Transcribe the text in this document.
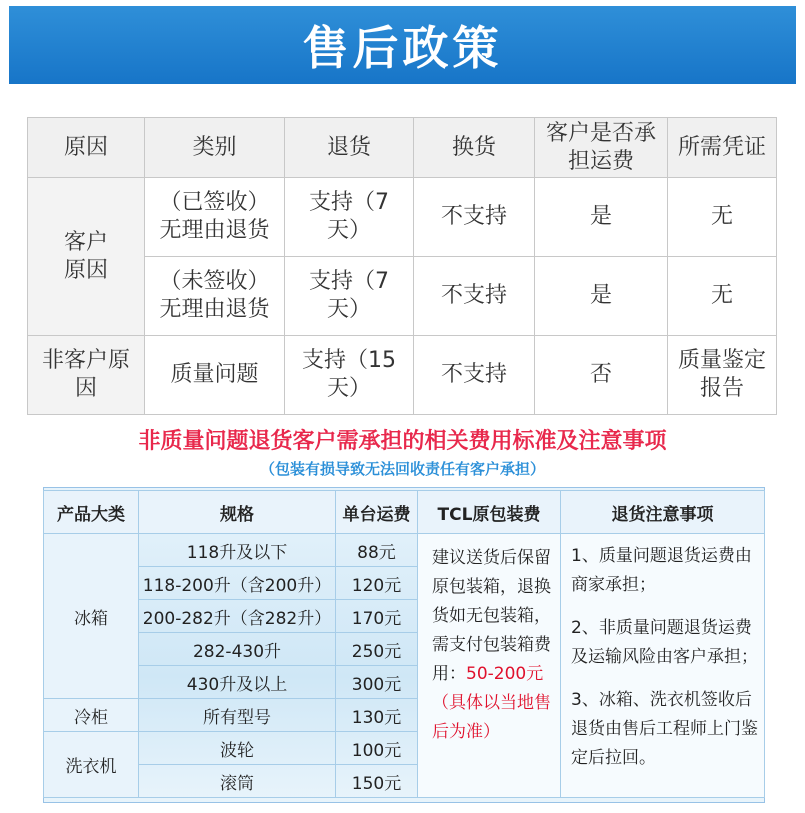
售后政策
原因	类别	退货	换货	客户是否承担运费	所需凭证
客户原因	（已签收）无理由退货	支持（7天）	不支持	是	无
	（未签收）无理由退货	支持（7天）	不支持	是	无
非客户原因	质量问题	支持（15天）	不支持	否	质量鉴定报告
非质量问题退货客户需承担的相关费用标准及注意事项
（包装有损导致无法回收责任有客户承担）
产品大类	规格	单台运费	TCL原包装费	退货注意事项
冰箱	118升及以下	88元	建议送货后保留原包装箱，退换货如无包装箱，需支付包装箱费用：50-200元（具体以当地售后为准）	1、质量问题退货运费由商家承担；
2、非质量问题退货运费及运输风险由客户承担；
3、冰箱、洗衣机签收后退货由售后工程师上门鉴定后拉回。

	118-200升（含200升）	120元		
	200-282升（含282升）	170元		
	282-430升	250元		
	430升及以上	300元		
冷柜	所有型号	130元		
洗衣机	波轮	100元		
	滚筒	150元		
